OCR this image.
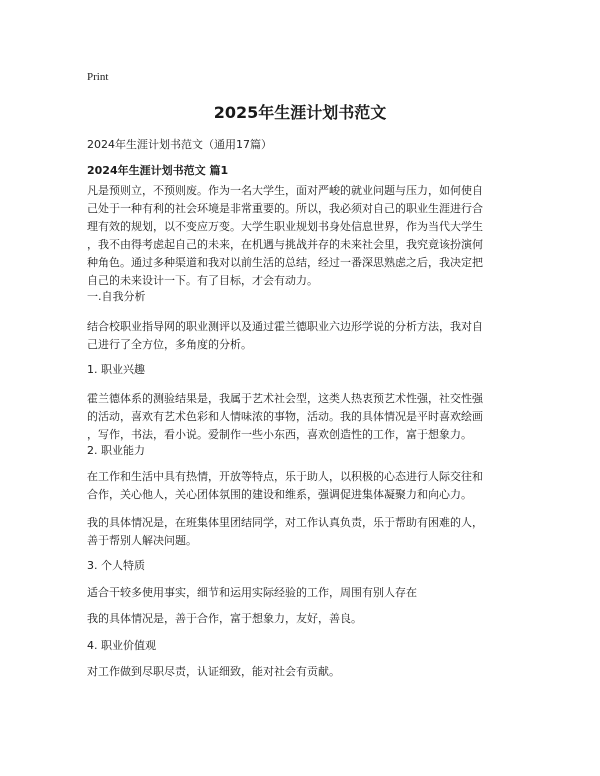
Print
2025年生涯计划书范文
2024年生涯计划书范文（通用17篇）
2024年生涯计划书范文 篇1

凡是预则立，不预则废。作为一名大学生，面对严峻的就业问题与压力，如何使自
己处于一种有利的社会环境是非常重要的。所以，我必须对自己的职业生涯进行合
理有效的规划，以不变应万变。大学生职业规划书身处信息世界，作为当代大学生
，我不由得考虑起自己的未来，在机遇与挑战并存的未来社会里，我究竟该扮演何
种角色。通过多种渠道和我对以前生活的总结，经过一番深思熟虑之后，我决定把
自己的未来设计一下。有了目标，才会有动力。

一.自我分析

结合校职业指导网的职业测评以及通过霍兰德职业六边形学说的分析方法，我对自
己进行了全方位，多角度的分析。

1. 职业兴趣

霍兰德体系的测验结果是，我属于艺术社会型，这类人热衷预艺术性强，社交性强
的活动，喜欢有艺术色彩和人情味浓的事物，活动。我的具体情况是平时喜欢绘画
，写作，书法，看小说。爱制作一些小东西，喜欢创造性的工作，富于想象力。

2. 职业能力

在工作和生活中具有热情，开放等特点，乐于助人，以积极的心态进行人际交往和
合作，关心他人，关心团体氛围的建设和维系，强调促进集体凝聚力和向心力。

我的具体情况是，在班集体里团结同学，对工作认真负责，乐于帮助有困难的人，
善于帮别人解决问题。

3. 个人特质

适合干较多使用事实，细节和运用实际经验的工作，周围有别人存在

我的具体情况是，善于合作，富于想象力，友好，善良。

4. 职业价值观

对工作做到尽职尽责，认证细致，能对社会有贡献。
